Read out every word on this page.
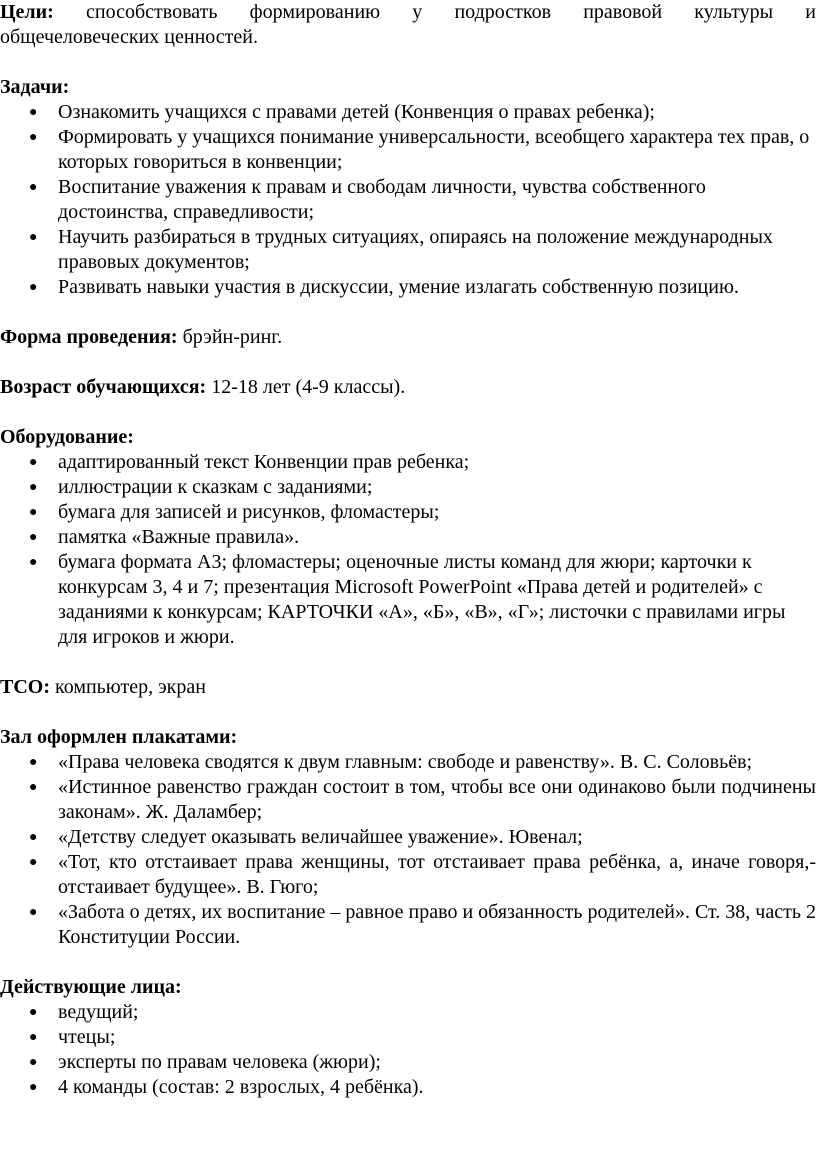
Цели: способствовать формированию у подростков правовой культуры и

общечеловеческих ценностей.

Задачи:

● Ознакомить учащихся с правами детей (Конвенция о правах ребенка);
● Формировать у учащихся понимание универсальности, всеобщего характера тех прав, о которых говориться в конвенции;
● Воспитание уважения к правам и свободам личности, чувства собственного достоинства, справедливости;
● Научить разбираться в трудных ситуациях, опираясь на положение международных правовых документов;
● Развивать навыки участия в дискуссии, умение излагать собственную позицию.

Форма проведения: брэйн-ринг.

Возраст обучающихся: 12-18 лет (4-9 классы).

Оборудование:

● адаптированный текст Конвенции прав ребенка;
● иллюстрации к сказкам с заданиями;
● бумага для записей и рисунков, фломастеры;
● памятка «Важные правила».
● бумага формата А3; фломастеры; оценочные листы команд для жюри; карточки к конкурсам 3, 4 и 7; презентация Microsoft PowerPoint «Права детей и родителей» с заданиями к конкурсам; КАРТОЧКИ «А», «Б», «В», «Г»; листочки с правилами игры для игроков и жюри.

ТСО: компьютер, экран

Зал оформлен плакатами:

● «Права человека сводятся к двум главным: свободе и равенству». В. С. Соловьёв;
● «Истинное равенство граждан состоит в том, чтобы все они одинаково были подчинены законам». Ж. Даламбер;
● «Детству следует оказывать величайшее уважение». Ювенал;
● «Тот, кто отстаивает права женщины, тот отстаивает права ребёнка, а, иначе говоря,- отстаивает будущее». В. Гюго;
● «Забота о детях, их воспитание – равное право и обязанность родителей». Ст. 38, часть 2 Конституции России.

Действующие лица:

● ведущий;
● чтецы;
● эксперты по правам человека (жюри);
● 4 команды (состав: 2 взрослых, 4 ребёнка).
